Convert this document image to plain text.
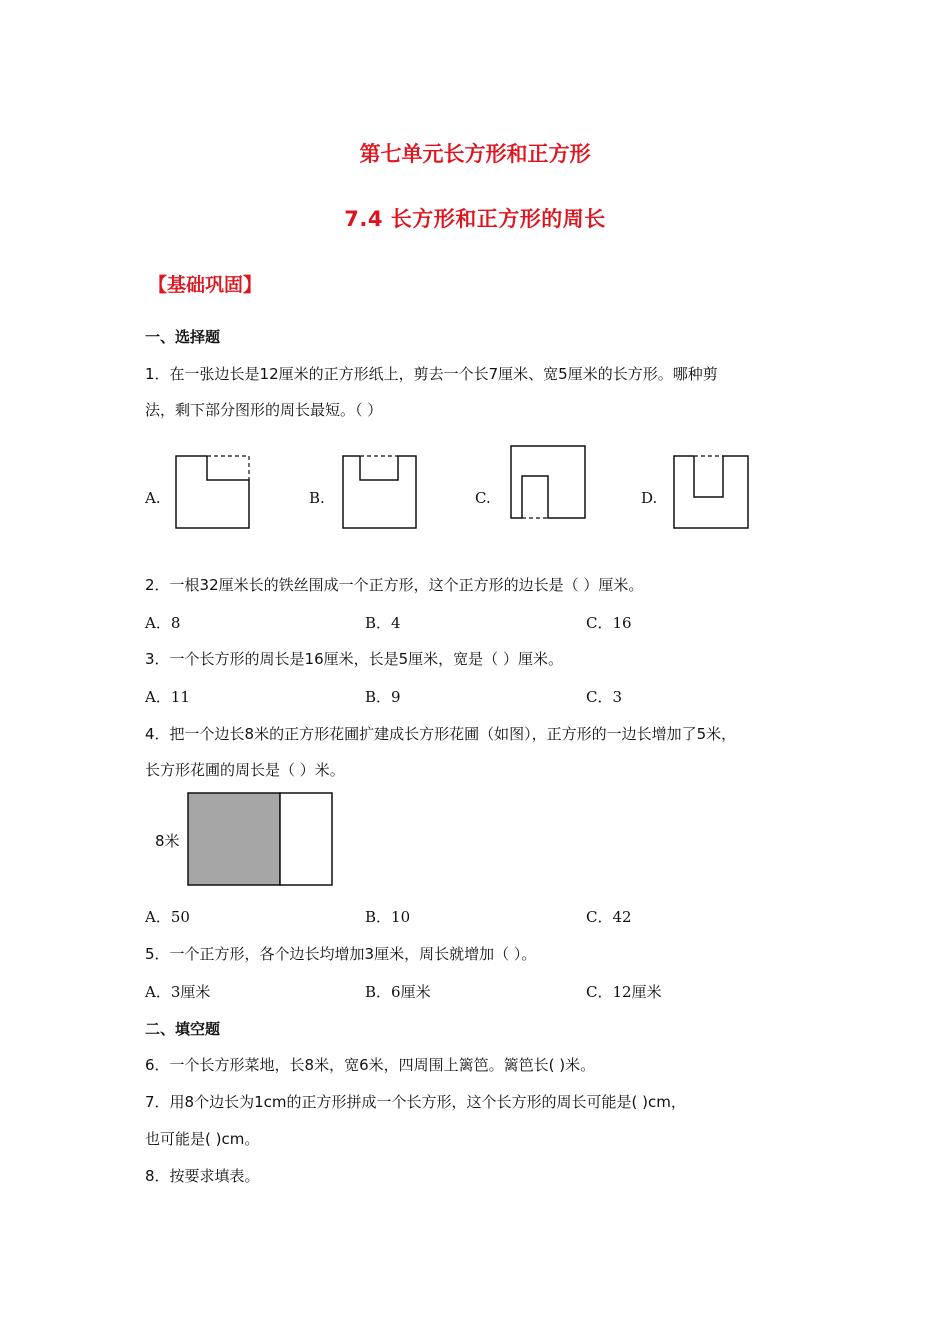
第七单元长方形和正方形
7.4 长方形和正方形的周长
【基础巩固】
一、选择题
1．在一张边长是12厘米的正方形纸上，剪去一个长7厘米、宽5厘米的长方形。哪种剪
法，剩下部分图形的周长最短。（ ）
A.	B.	C.	D.
2．一根32厘米长的铁丝围成一个正方形，这个正方形的边长是（ ）厘米。
A．8	B．4	C．16
3．一个长方形的周长是16厘米，长是5厘米，宽是（ ）厘米。
A．11	B．9	C．3
4．把一个边长8米的正方形花圃扩建成长方形花圃（如图），正方形的一边长增加了5米，
长方形花圃的周长是（ ）米。
8米
A．50	B．10	C．42
5．一个正方形，各个边长均增加3厘米，周长就增加（ ）。
A．3厘米	B．6厘米	C．12厘米
二、填空题
6．一个长方形菜地，长8米，宽6米，四周围上篱笆。篱笆长( )米。
7．用8个边长为1cm的正方形拼成一个长方形，这个长方形的周长可能是( )cm，
也可能是( )cm。
8．按要求填表。
